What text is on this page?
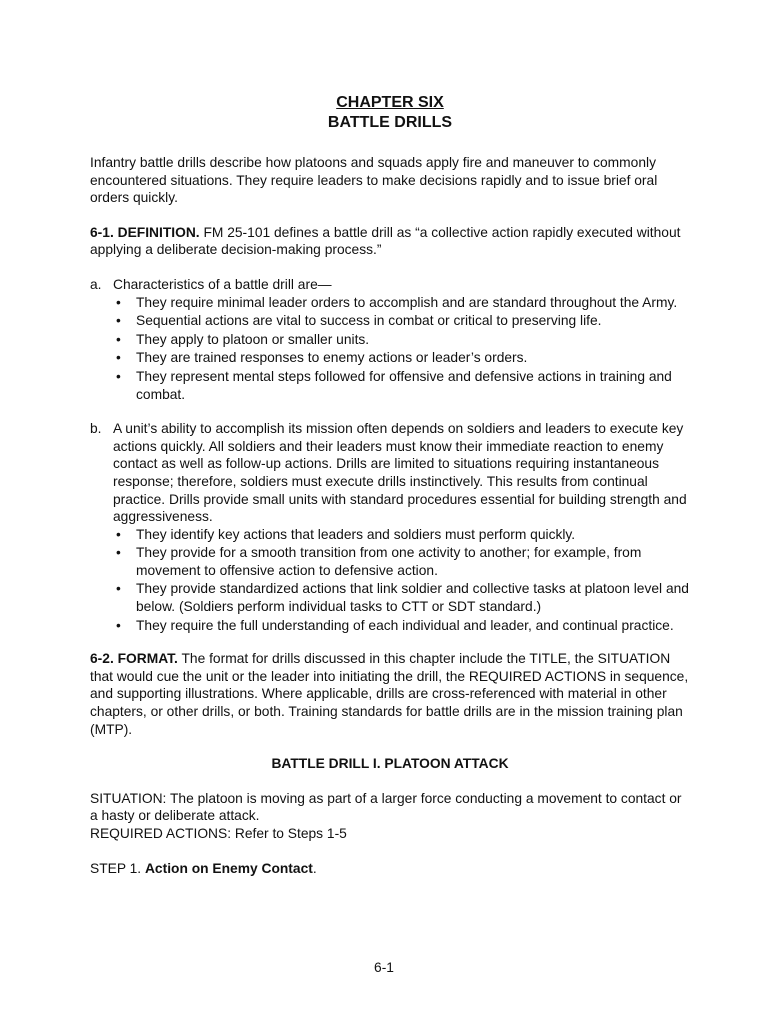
CHAPTER SIX
BATTLE DRILLS

Infantry battle drills describe how platoons and squads apply fire and maneuver to commonly encountered situations. They require leaders to make decisions rapidly and to issue brief oral orders quickly.

6-1. DEFINITION. FM 25-101 defines a battle drill as “a collective action rapidly executed without applying a deliberate decision-making process.”

a. Characteristics of a battle drill are—

• They require minimal leader orders to accomplish and are standard throughout the Army.
• Sequential actions are vital to success in combat or critical to preserving life.
• They apply to platoon or smaller units.
• They are trained responses to enemy actions or leader’s orders.
• They represent mental steps followed for offensive and defensive actions in training and combat.
b. A unit’s ability to accomplish its mission often depends on soldiers and leaders to execute key actions quickly. All soldiers and their leaders must know their immediate reaction to enemy contact as well as follow-up actions. Drills are limited to situations requiring instantaneous response; therefore, soldiers must execute drills instinctively. This results from continual practice. Drills provide small units with standard procedures essential for building strength and aggressiveness.

• They identify key actions that leaders and soldiers must perform quickly.
• They provide for a smooth transition from one activity to another; for example, from movement to offensive action to defensive action.
• They provide standardized actions that link soldier and collective tasks at platoon level and below. (Soldiers perform individual tasks to CTT or SDT standard.)
• They require the full understanding of each individual and leader, and continual practice.

6-2. FORMAT. The format for drills discussed in this chapter include the TITLE, the SITUATION that would cue the unit or the leader into initiating the drill, the REQUIRED ACTIONS in sequence, and supporting illustrations. Where applicable, drills are cross-referenced with material in other chapters, or other drills, or both. Training standards for battle drills are in the mission training plan (MTP).

BATTLE DRILL I. PLATOON ATTACK

SITUATION: The platoon is moving as part of a larger force conducting a movement to contact or a hasty or deliberate attack.

REQUIRED ACTIONS: Refer to Steps 1-5

STEP 1. Action on Enemy Contact.

6-1
